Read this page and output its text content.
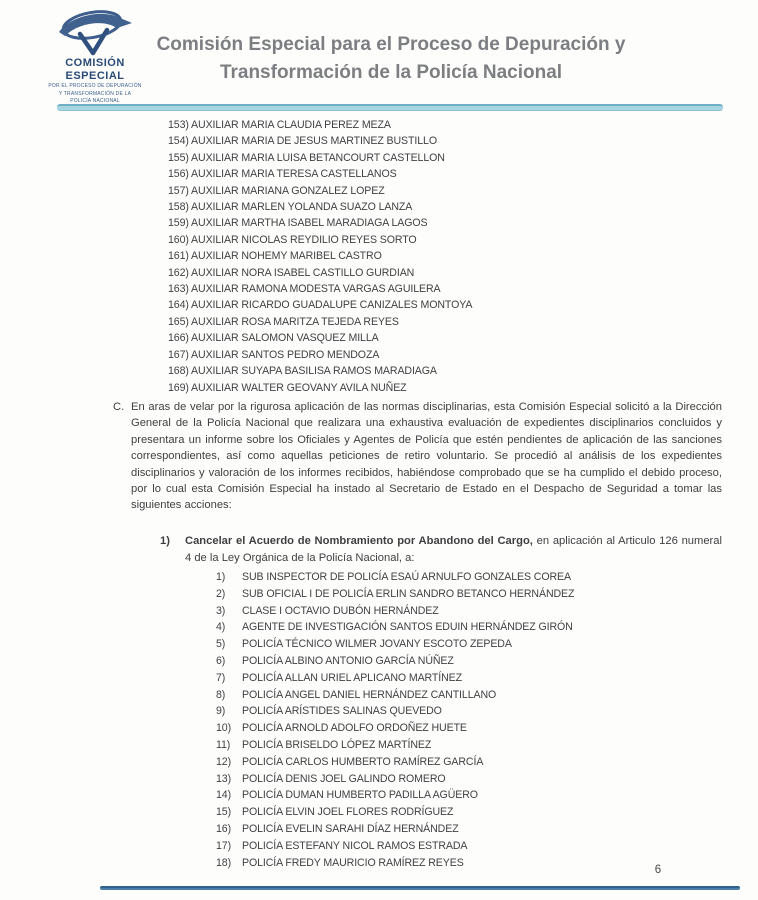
COMISIÓN
ESPECIAL
POR EL PROCESO DE DEPURACIÓN
Y TRANSFORMACIÓN DE LA
POLICÍA NACIONAL
Comisión Especial para el Proceso de Depuración y
Transformación de la Policía Nacional
153) AUXILIAR MARIA CLAUDIA PEREZ MEZA
154) AUXILIAR MARIA DE JESUS MARTINEZ BUSTILLO
155) AUXILIAR MARIA LUISA BETANCOURT CASTELLON
156) AUXILIAR MARIA TERESA CASTELLANOS
157) AUXILIAR MARIANA GONZALEZ LOPEZ
158) AUXILIAR MARLEN YOLANDA SUAZO LANZA
159) AUXILIAR MARTHA ISABEL MARADIAGA LAGOS
160) AUXILIAR NICOLAS REYDILIO REYES SORTO
161) AUXILIAR NOHEMY MARIBEL CASTRO
162) AUXILIAR NORA ISABEL CASTILLO GURDIAN
163) AUXILIAR RAMONA MODESTA VARGAS AGUILERA
164) AUXILIAR RICARDO GUADALUPE CANIZALES MONTOYA
165) AUXILIAR ROSA MARITZA TEJEDA REYES
166) AUXILIAR SALOMON VASQUEZ MILLA
167) AUXILIAR SANTOS PEDRO MENDOZA
168) AUXILIAR SUYAPA BASILISA RAMOS MARADIAGA
169) AUXILIAR WALTER GEOVANY AVILA NUÑEZ
C. En aras de velar por la rigurosa aplicación de las normas disciplinarias, esta Comisión Especial solicitó a la Dirección General de la Policía Nacional que realizara una exhaustiva evaluación de expedientes disciplinarios concluidos y presentara un informe sobre los Oficiales y Agentes de Policía que estén pendientes de aplicación de las sanciones correspondientes, así como aquellas peticiones de retiro voluntario. Se procedió al análisis de los expedientes disciplinarios y valoración de los informes recibidos, habiéndose comprobado que se ha cumplido el debido proceso, por lo cual esta Comisión Especial ha instado al Secretario de Estado en el Despacho de Seguridad a tomar las siguientes acciones:
1) Cancelar el Acuerdo de Nombramiento por Abandono del Cargo, en aplicación al Articulo 126 numeral 4 de la Ley Orgánica de la Policía Nacional, a:
1)	SUB INSPECTOR DE POLICÍA ESAÚ ARNULFO GONZALES COREA
2)	SUB OFICIAL I DE POLICÍA ERLIN SANDRO BETANCO HERNÁNDEZ
3)	CLASE I OCTAVIO DUBÓN HERNÁNDEZ
4)	AGENTE DE INVESTIGACIÓN SANTOS EDUIN HERNÁNDEZ GIRÓN
5)	POLICÍA TÉCNICO WILMER JOVANY ESCOTO ZEPEDA
6)	POLICÍA ALBINO ANTONIO GARCÍA NÚÑEZ
7)	POLICÍA ALLAN URIEL APLICANO MARTÍNEZ
8)	POLICÍA ANGEL DANIEL HERNÁNDEZ CANTILLANO
9)	POLICÍA ARÍSTIDES SALINAS QUEVEDO
10)	POLICÍA ARNOLD ADOLFO ORDOÑEZ HUETE
11)	POLICÍA BRISELDO LÓPEZ MARTÍNEZ
12)	POLICÍA CARLOS HUMBERTO RAMÍREZ GARCÍA
13)	POLICÍA DENIS JOEL GALINDO ROMERO
14)	POLICÍA DUMAN HUMBERTO PADILLA AGÜERO
15)	POLICÍA ELVIN JOEL FLORES RODRÍGUEZ
16)	POLICÍA EVELIN SARAHI DÍAZ HERNÁNDEZ
17)	POLICÍA ESTEFANY NICOL RAMOS ESTRADA
18)	POLICÍA FREDY MAURICIO RAMÍREZ REYES
6
